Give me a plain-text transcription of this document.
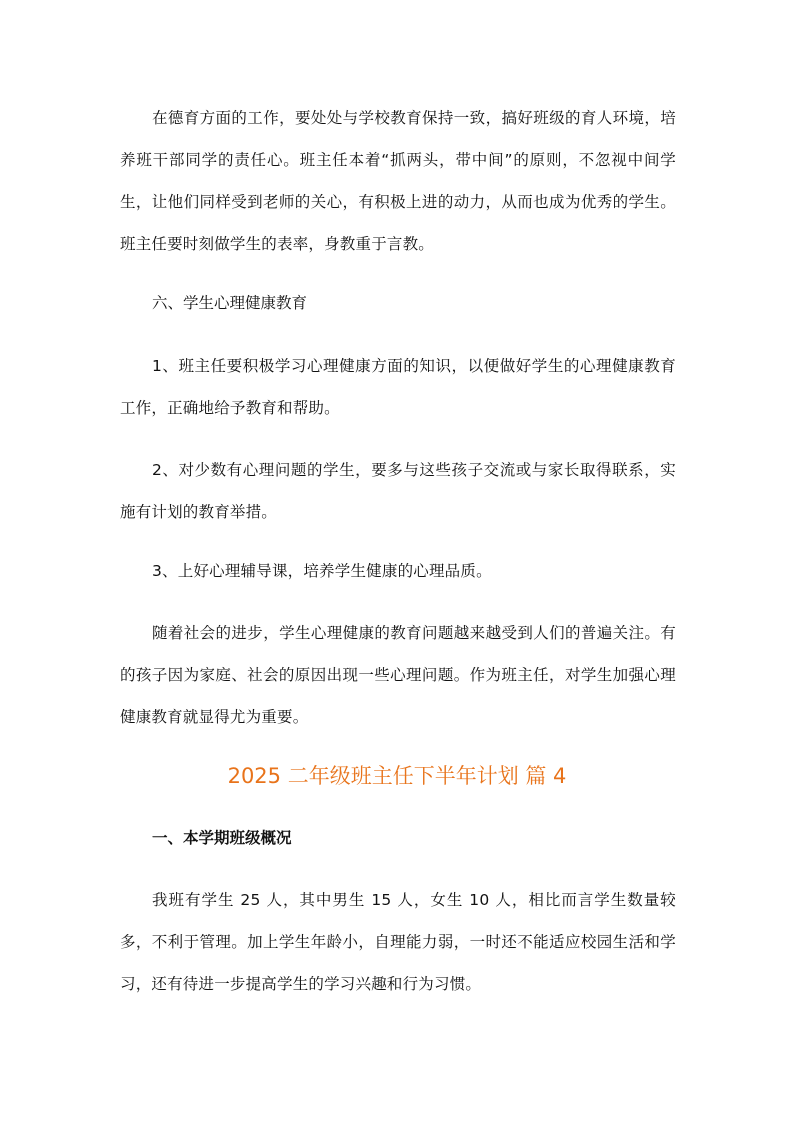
在德育方面的工作，要处处与学校教育保持一致，搞好班级的育人环境，培养班干部同学的责任心。班主任本着“抓两头，带中间”的原则，不忽视中间学生，让他们同样受到老师的关心，有积极上进的动力，从而也成为优秀的学生。班主任要时刻做学生的表率，身教重于言教。

六、学生心理健康教育

1、班主任要积极学习心理健康方面的知识，以便做好学生的心理健康教育工作，正确地给予教育和帮助。

2、对少数有心理问题的学生，要多与这些孩子交流或与家长取得联系，实施有计划的教育举措。

3、上好心理辅导课，培养学生健康的心理品质。

随着社会的进步，学生心理健康的教育问题越来越受到人们的普遍关注。有的孩子因为家庭、社会的原因出现一些心理问题。作为班主任，对学生加强心理健康教育就显得尤为重要。

2025 二年级班主任下半年计划 篇 4

一、本学期班级概况

我班有学生 25 人，其中男生 15 人，女生 10 人，相比而言学生数量较多，不利于管理。加上学生年龄小，自理能力弱，一时还不能适应校园生活和学习，还有待进一步提高学生的学习兴趣和行为习惯。
